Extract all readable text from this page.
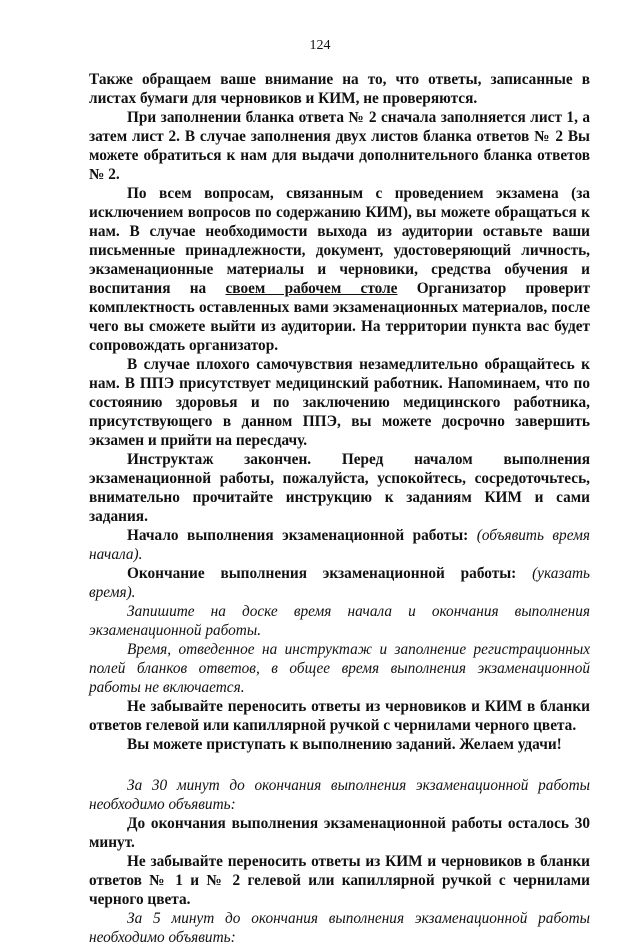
124

Также обращаем ваше внимание на то, что ответы, записанные в листах бумаги для черновиков и КИМ, не проверяются.

При заполнении бланка ответа № 2 сначала заполняется лист 1, а затем лист 2. В случае заполнения двух листов бланка ответов № 2 Вы можете обратиться к нам для выдачи дополнительного бланка ответов № 2.

По всем вопросам, связанным с проведением экзамена (за исключением вопросов по содержанию КИМ), вы можете обращаться к нам. В случае необходимости выхода из аудитории оставьте ваши письменные принадлежности, документ, удостоверяющий личность, экзаменационные материалы и черновики, средства обучения и воспитания на своем рабочем столе Организатор проверит комплектность оставленных вами экзаменационных материалов, после чего вы сможете выйти из аудитории. На территории пункта вас будет сопровождать организатор.

В случае плохого самочувствия незамедлительно обращайтесь к нам. В ППЭ присутствует медицинский работник. Напоминаем, что по состоянию здоровья и по заключению медицинского работника, присутствующего в данном ППЭ, вы можете досрочно завершить экзамен и прийти на пересдачу.

Инструктаж закончен. Перед началом выполнения экзаменационной работы, пожалуйста, успокойтесь, сосредоточьтесь, внимательно прочитайте инструкцию к заданиям КИМ и сами задания.

Начало выполнения экзаменационной работы: (объявить время начала).

Окончание выполнения экзаменационной работы: (указать время).

Запишите на доске время начала и окончания выполнения экзаменационной работы.

Время, отведенное на инструктаж и заполнение регистрационных полей бланков ответов, в общее время выполнения экзаменационной работы не включается.

Не забывайте переносить ответы из черновиков и КИМ в бланки ответов гелевой или капиллярной ручкой с чернилами черного цвета.

Вы можете приступать к выполнению заданий. Желаем удачи!

За 30 минут до окончания выполнения экзаменационной работы необходимо объявить:

До окончания выполнения экзаменационной работы осталось 30 минут.

Не забывайте переносить ответы из КИМ и черновиков в бланки ответов № 1 и № 2 гелевой или капиллярной ручкой с чернилами черного цвета.

За 5 минут до окончания выполнения экзаменационной работы необходимо объявить:
